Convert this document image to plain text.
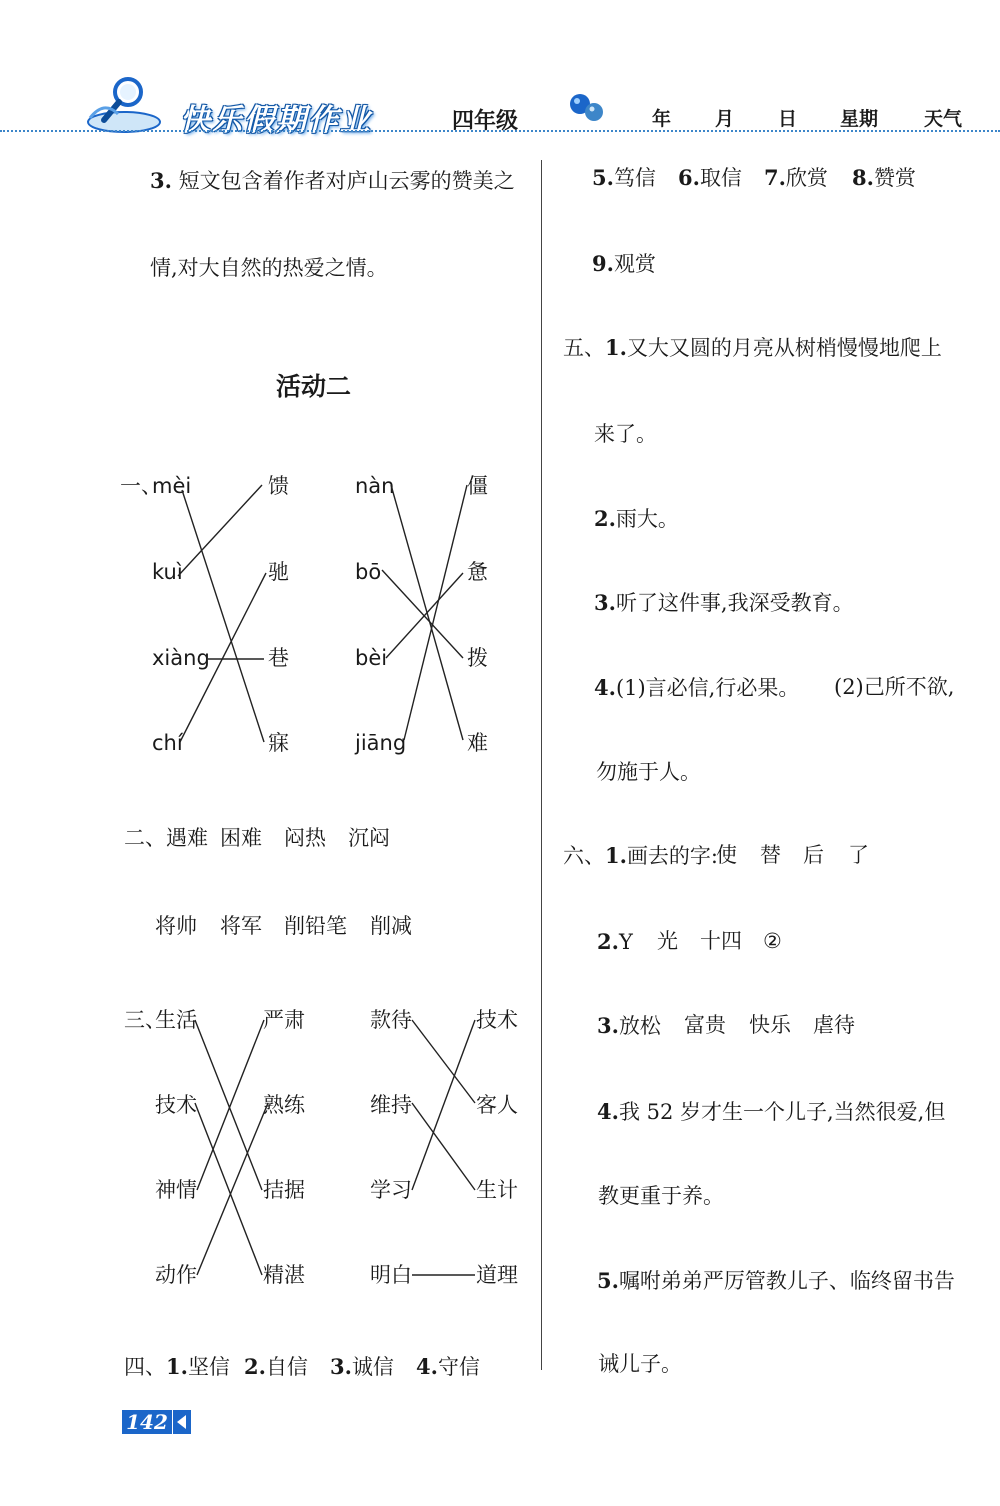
快乐假期作业	四年级	年 月 日 星期 天气
3. 短文包含着作者对庐山云雾的赞美之
情,对大自然的热爱之情。
活动二
一、
mèi
kuì
xiàng
chí
馈
驰
巷
寐
nàn
bō
bèi
jiāng
僵
惫
拨
难
二、遇难 困难 闷热 沉闷
将帅 将军 削铅笔 削减
三、
生活
技术
神情
动作
严肃
熟练
拮据
精湛
款待
维持
学习
明白
技术
客人
生计
道理
四、1.坚信 2.自信 3.诚信 4.守信
5.笃信 6.取信 7.欣赏 8.赞赏
9.观赏
五、1.又大又圆的月亮从树梢慢慢地爬上
来了。
2.雨大。
3.听了这件事,我深受教育。
4.(1)言必信,行必果。 (2)己所不欲,
勿施于人。
六、1.画去的字:
使 替 后 了
2.Y 光 十四 ②
3.放松 富贵 快乐 虐待
4.我 52 岁才生一个儿子,当然很爱,但
教更重于养。
5.嘱咐弟弟严厉管教儿子、临终留书告
诫儿子。
142
